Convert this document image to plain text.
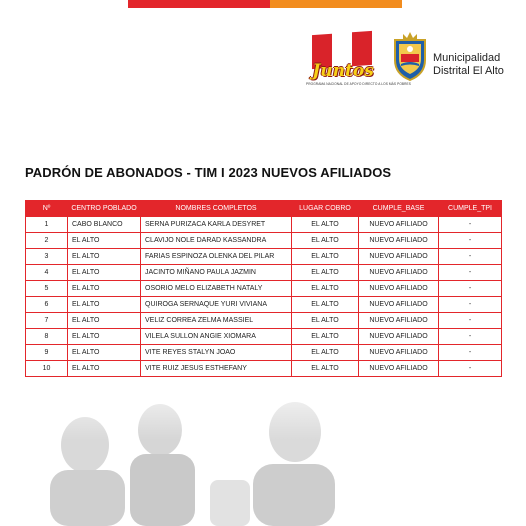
Juntos
PROGRAMA NACIONAL DE APOYO DIRECTO A LOS MÁS POBRES
Municipalidad
Distrital El Alto
PADRÓN DE ABONADOS - TIM I 2023 NUEVOS AFILIADOS
Nº	CENTRO POBLADO	NOMBRES COMPLETOS	LUGAR COBRO	CUMPLE_BASE	CUMPLE_TPI
1	CABO BLANCO	SERNA PURIZACA KARLA DESYRET	EL ALTO	NUEVO AFILIADO	-
2	EL ALTO	CLAVIJO NOLE DARAD KASSANDRA	EL ALTO	NUEVO AFILIADO	-
3	EL ALTO	FARIAS ESPINOZA OLENKA DEL PILAR	EL ALTO	NUEVO AFILIADO	-
4	EL ALTO	JACINTO MIÑANO PAULA JAZMIN	EL ALTO	NUEVO AFILIADO	-
5	EL ALTO	OSORIO MELO ELIZABETH NATALY	EL ALTO	NUEVO AFILIADO	-
6	EL ALTO	QUIROGA SERNAQUE YURI VIVIANA	EL ALTO	NUEVO AFILIADO	-
7	EL ALTO	VELIZ CORREA ZELMA MASSIEL	EL ALTO	NUEVO AFILIADO	-
8	EL ALTO	VILELA SULLON ANGIE XIOMARA	EL ALTO	NUEVO AFILIADO	-
9	EL ALTO	VITE REYES STALYN JOAO	EL ALTO	NUEVO AFILIADO	-
10	EL ALTO	VITE RUIZ JESUS ESTHEFANY	EL ALTO	NUEVO AFILIADO	-
